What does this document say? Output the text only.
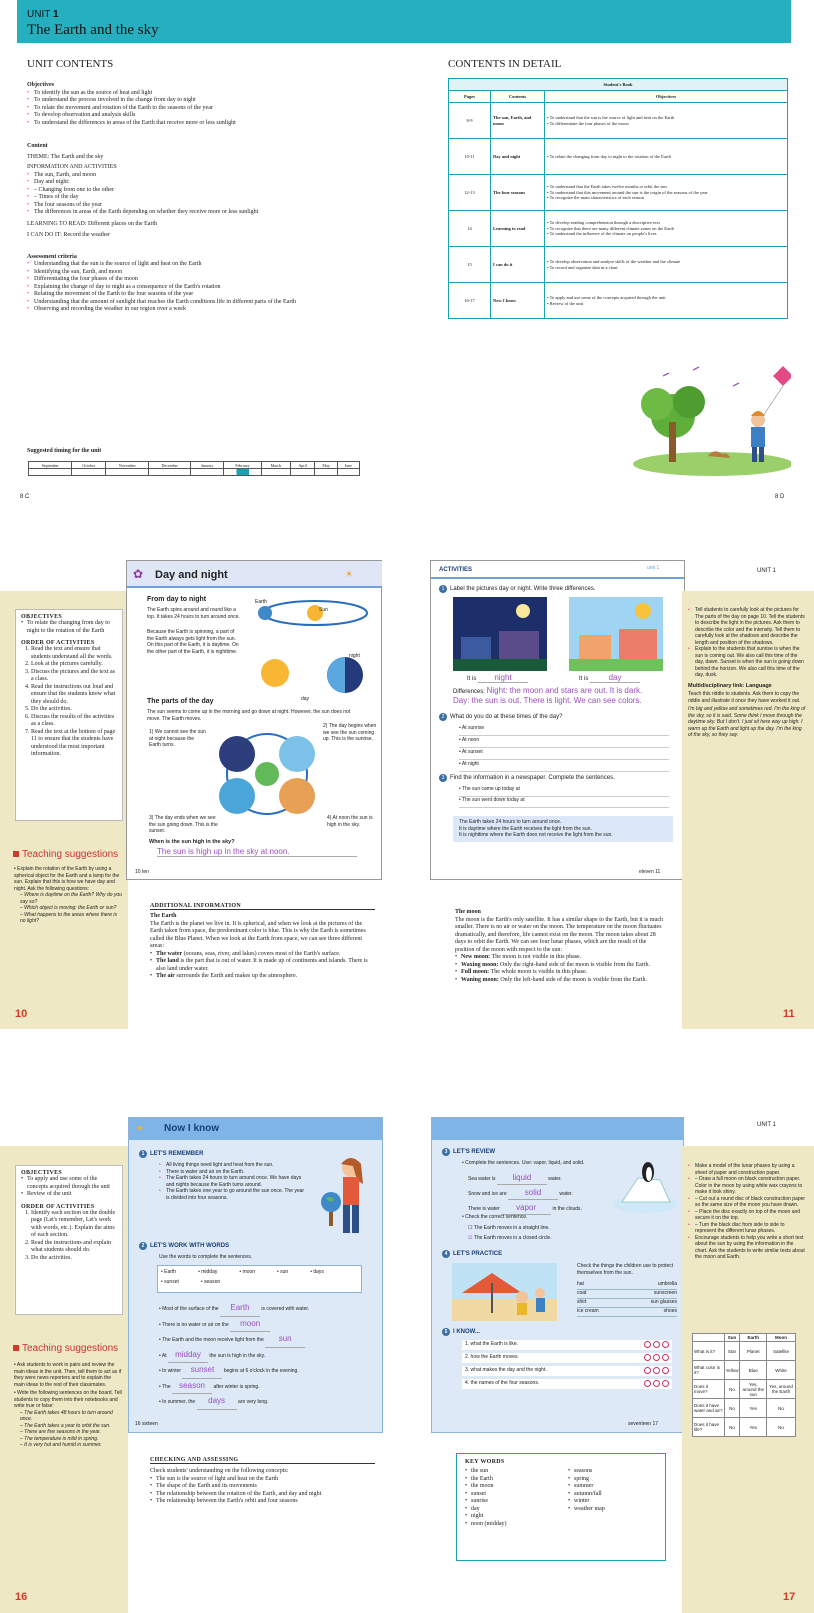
UNIT 1
The Earth and the sky
UNIT CONTENTS
Objectives
• To identify the sun as the source of heat and light
• To understand the process involved in the change from day to night
• To relate the movement and rotation of the Earth to the seasons of the year
• To develop observation and analysis skills
• To understand the differences in areas of the Earth that receive more or less sunlight
Content
THEME: The Earth and the sky
INFORMATION AND ACTIVITIES
• The sun, Earth, and moon
• Day and night:
• – Changing from one to the other
• – Times of the day
• The four seasons of the year
• The differences in areas of the Earth depending on whether they receive more or less sunlight
LEARNING TO READ: Different places on the Earth
I CAN DO IT: Record the weather
Assessment criteria
• Understanding that the sun is the source of light and heat on the Earth
• Identifying the sun, Earth, and moon
• Differentiating the four phases of the moon
• Explaining the change of day to night as a consequence of the Earth's rotation
• Relating the movement of the Earth to the four seasons of the year
• Understanding that the amount of sunlight that reaches the Earth conditions life in different parts of the Earth
• Observing and recording the weather in our region over a week
Suggested timing for the unit
September	October	November	December	January	February	March	April	May	June

8 C	8 D
CONTENTS IN DETAIL
Student's Book		
Pages	Contents	Objectives
8-9	The sun, Earth, and moon	• To understand that the sun is the source of light and heat on the Earth
• To differentiate the four phases of the moon

10-11	Day and night	• To relate the changing from day to night to the rotation of the Earth

12-13	The four seasons	• To understand that the Earth takes twelve months to orbit the sun
• To understand that this movement around the sun is the origin of the seasons of the year
• To recognize the main characteristics of each season

14	Learning to read	• To develop reading comprehension through a descriptive text
• To recognize that there are many different climate zones on the Earth
• To understand the influence of the climate on people's lives

15	I can do it	• To develop observation and analyse skills of the weather and the climate
• To record and organize data in a chart

16-17	Now I know	• To apply and use some of the concepts acquired through the unit
• Review of the unit
OBJECTIVES
• To relate the changing from day to night to the rotation of the Earth
ORDER OF ACTIVITIES
1. Read the text and ensure that students understand all the words.
2. Look at the pictures carefully.
3. Discuss the pictures and the text as a class.
4. Read the instructions out loud and ensure that the students know what they should do.
5. Do the activities.
6. Discuss the results of the activities as a class.
7. Read the text at the bottom of page 11 to ensure that the students have understood the most important information.
Teaching suggestions
• Explain the rotation of the Earth by using a spherical object for the Earth and a lamp for the sun. Explain that this is how we have day and night. Ask the following questions:
– Where is daytime on the Earth? Why do you say so?
– Which object is moving: the Earth or sun?
– What happens to the areas where there is no light?
10
Day and night
✿	☀
From day to night
The Earth spins around and round like a top. It takes 24 hours to turn around once.
Because the Earth is spinning, a part of the Earth always gets light from the sun. On this part of the Earth, it is daytime. On the other part of the Earth, it is nighttime.
Earth
Sun
night
day
The parts of the day
The sun seems to come up in the morning and go down at night. However, the sun does not move. The Earth moves.
1) We cannot see the sun at night because the Earth turns.
2) The day begins when we see the sun coming up. This is the sunrise.
3) The day ends when we see the sun going down. This is the sunset.
4) At noon the sun is high in the sky.
When is the sun high in the sky?
The sun is high up in the sky at noon.
10 ten
ACTIVITIES	unit 1
1 Label the pictures day or night. Write three differences.
It is night	It is	day
Differences: Night: the moon and stars are out. It is dark.
Day: the sun is out. There is light. We can see colors.
2 What do you do at these times of the day?
• At sunrise
• At noon
• At sunset
• At night
3 Find the information in a newspaper. Complete the sentences.
• The sun came up today at
• The sun went down today at
The Earth takes 24 hours to turn around once.
It is daytime where the Earth receives the light from the sun.
It is nighttime where the Earth does not receive the light from the sun.
eleven 11
UNIT 1
• Tell students to carefully look at the pictures for The parts of the day on page 10. Tell the students to describe the light in the pictures. Ask them to describe the color and the intensity. Tell them to carefully look at the shadows and describe the length and position of the shadows.
• Explain to the students that sunrise is when the sun is coming out. We also call this time of the day, dawn. Sunset is when the sun is going down behind the horizon. We also call this time of the day, dusk.
Multidisciplinary link: Language
Teach this riddle to students. Ask them to copy the riddle and illustrate it once they have worked it out.
I'm big and yellow and sometimes red. I'm the king of the sky, so it is said. Some think I move through the daytime sky. But I don't. I just sit here way up high. I warm up the Earth and light up the day. I'm the king of the sky, so they say.
11
ADDITIONAL INFORMATION
The Earth
The Earth is the planet we live in. It is spherical, and when we look at the pictures of the Earth taken from space, the predominant color is blue. This is why the Earth is sometimes called the Blue Planet. When we look at the Earth from space, we can see three different areas:
• The water (oceans, seas, river, and lakes) covers most of the Earth's surface.
• The land is the part that is out of water. It is made up of continents and islands. There is also land under water.
• The air surrounds the Earth and makes up the atmosphere.
The moon
The moon is the Earth's only satellite. It has a similar shape to the Earth, but it is much smaller. There is no air or water on the moon. The temperature on the moon fluctuates dramatically, and therefore, life cannot exist on the moon. The moon takes about 28 days to orbit the Earth. We can see four lunar phases, which are the result of the position of the moon with respect to the sun:
• New moon: The moon is not visible in this phase.
• Waxing moon: Only the right-hand side of the moon is visible from the Earth.
• Full moon: The whole moon is visible in this phase.
• Waning moon: Only the left-hand side of the moon is visible from the Earth.
OBJECTIVES
• To apply and use some of the concepts acquired through the unit
• Review of the unit
ORDER OF ACTIVITIES
1. Identify each section on the double page (Let's remember, Let's work with words, etc.). Explain the aims of each section.
2. Read the instructions and explain what students should do.
3. Do the activities.
Teaching suggestions
• Ask students to work in pairs and review the main ideas in the unit. Then, tell them to act as if they were news reporters and to explain the main ideas to the rest of their classmates.
• Write the following sentences on the board. Tell students to copy them into their notebooks and write true or false:
– The Earth takes 48 hours to turn around once.
– The Earth takes a year to orbit the sun.
– There are five seasons in the year.
– The temperature is mild in spring.
– It is very hot and humid in summer.
16
Now I know
✦
1 LET'S REMEMBER
• All living things need light and heat from the sun.
• There is water and air on the Earth.
• The Earth takes 24 hours to turn around once. We have days and nights because the Earth turns around.
• The Earth takes one year to go around the sun once. The year is divided into four seasons.
2 LET'S WORK WITH WORDS
Use the words to complete the sentences.
• Earth	• midday	• moon	• sun	• days
• sunset	• season
• Most of the surface of the Earth is covered with water.
• There is no water or air on the moon
• The Earth and the moon receive light from the sun
• At midday the sun is high in the sky.
• In winter sunset begins at 6 o'clock in the evening.
• The season after winter is spring.
• In summer, the days	are very long.
16 sixteen
3 LET'S REVIEW
• Complete the sentences. Use: vapor, liquid, and solid.
Sea water is liquid	water.
Snow and ice are solid	water.
There is water vapor	in the clouds.
• Check the correct sentence.
☐ The Earth moves in a straight line.
☑ The Earth moves in a closed circle.
4 LET'S PRACTICE
Check the things the children use to protect themselves from the sun.
hat	umbrella
coat	sunscreen
shirt	sun glasses
ice cream	shoes
5 I KNOW...
1. what the Earth is like.
2. how the Earth moves.
3. what makes the day and the night.
4. the names of the four seasons.
seventeen 17
UNIT 1
• Make a model of the lunar phases by using a sheet of paper and construction paper.
• – Draw a full moon on black construction paper. Color in the moon by using white wax crayons to make it look shiny.
• – Cut out a round disc of black construction paper so the same size of the moon you have drawn.
• – Place the disc exactly on top of the moon and secure it on the top.
• – Turn the black disc from side to side to represent the different lunar phases.
• Encourage students to help you write a short text about the sun by using the information in the chart. Ask the students to write similar texts about the moon and Earth.
	Sun	Earth	Moon
What is it?	Star	Planet	Satellite
What color is it?	Yellow	Blue	White
Does it move?	No	Yes, around the sun	Yes, around the Earth
Does it have water and air?	No	Yes	No
Does it have life?	No	Yes	No
17
CHECKING AND ASSESSING
Check students' understanding on the following concepts:
• The sun is the source of light and heat on the Earth
• The shape of the Earth and its movements
• The relationship between the rotation of the Earth, and day and night
• The relationship between the Earth's orbit and four seasons
KEY WORDS
• the sun
• the Earth
• the moon
• sunset
• sunrise
• day
• night
• noon (midday)
• seasons
• spring
• summer
• autumn/fall
• winter
• weather map
